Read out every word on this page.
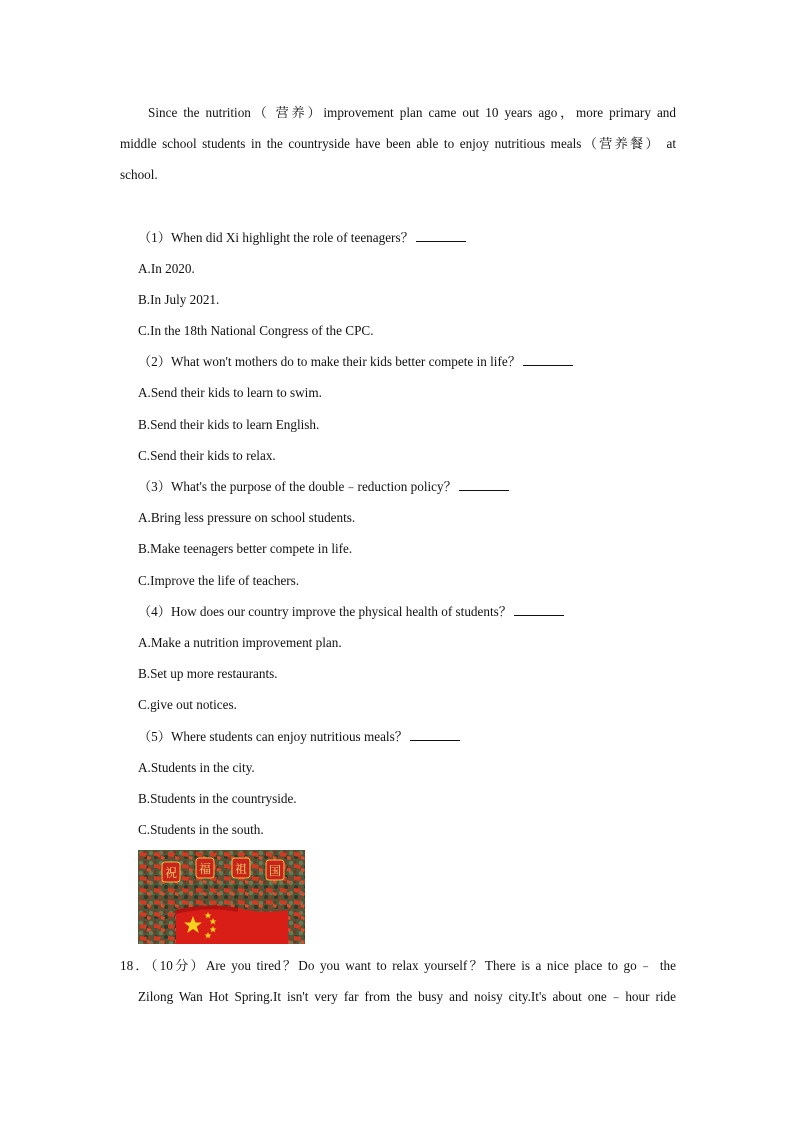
Since the nutrition（ 营养）improvement plan came out 10 years ago，more primary and
middle school students in the countryside have been able to enjoy nutritious meals（营养餐） at
school.
（1）When did Xi highlight the role of teenagers？
A.In 2020.
B.In July 2021.
C.In the 18th National Congress of the CPC.
（2）What won't mothers do to make their kids better compete in life？
A.Send their kids to learn to swim.
B.Send their kids to learn English.
C.Send their kids to relax.
（3）What's the purpose of the double﹣reduction policy？
A.Bring less pressure on school students.
B.Make teenagers better compete in life.
C.Improve the life of teachers.
（4）How does our country improve the physical health of students？
A.Make a nutrition improvement plan.
B.Set up more restaurants.
C.give out notices.
（5）Where students can enjoy nutritious meals？
A.Students in the city.
B.Students in the countryside.
C.Students in the south.
祝 福 祖 国
18．（10分）Are you tired？Do you want to relax yourself？There is a nice place to go﹣ the
Zilong Wan Hot Spring.It isn't very far from the busy and noisy city.It's about one﹣hour ride
